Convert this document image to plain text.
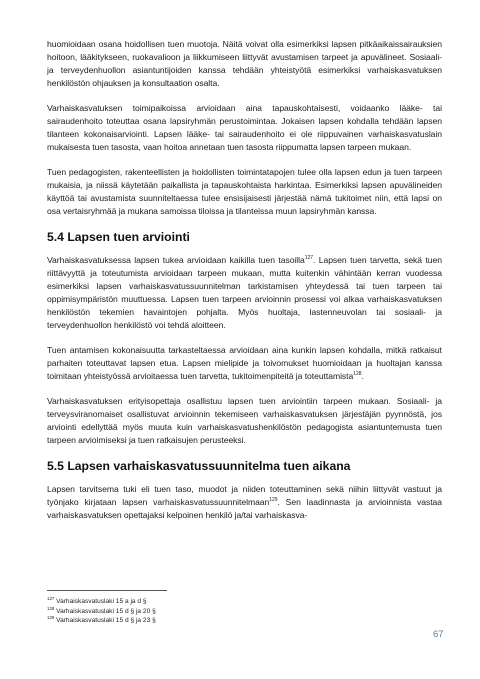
huomioidaan osana hoidollisen tuen muotoja. Näitä voivat olla esimerkiksi lapsen pitkäaikaissairauksien hoitoon, lääkitykseen, ruokavalioon ja liikkumiseen liittyvät avustamisen tarpeet ja apuvälineet. Sosiaali- ja terveydenhuollon asiantuntijoiden kanssa tehdään yhteistyötä esimerkiksi varhaiskasvatuksen henkilöstön ohjauksen ja konsultaation osalta.

Varhaiskasvatuksen toimipaikoissa arvioidaan aina tapauskohtaisesti, voidaanko lääke- tai sairaudenhoito toteuttaa osana lapsiryhmän perustoimintaa. Jokaisen lapsen kohdalla tehdään lapsen tilanteen kokonaisarviointi. Lapsen lääke- tai sairaudenhoito ei ole riippuvainen varhaiskasvatuslain mukaisesta tuen tasosta, vaan hoitoa annetaan tuen tasosta riippumatta lapsen tarpeen mukaan.

Tuen pedagogisten, rakenteellisten ja hoidollisten toimintatapojen tulee olla lapsen edun ja tuen tarpeen mukaisia, ja niissä käytetään paikallista ja tapauskohtaista harkintaa. Esimerkiksi lapsen apuvälineiden käyttöä tai avustamista suunniteltaessa tulee ensisijaisesti järjestää nämä tukitoimet niin, että lapsi on osa vertaisryhmää ja mukana samoissa tiloissa ja tilanteissa muun lapsiryhmän kanssa.

5.4 Lapsen tuen arviointi

Varhaiskasvatuksessa lapsen tukea arvioidaan kaikilla tuen tasoilla$^{127}$. Lapsen tuen tarvetta, sekä tuen riittävyyttä ja toteutumista arvioidaan tarpeen mukaan, mutta kuitenkin vähintään kerran vuodessa esimerkiksi lapsen varhaiskasvatussuunnitelman tarkistamisen yhteydessä tai tuen tarpeen tai oppimisympäristön muuttuessa. Lapsen tuen tarpeen arvioinnin prosessi voi alkaa varhaiskasvatuksen henkilöstön tekemien havaintojen pohjalta. Myös huoltaja, lastenneuvolan tai sosiaali- ja terveydenhuollon henkilöstö voi tehdä aloitteen.

Tuen antamisen kokonaisuutta tarkasteltaessa arvioidaan aina kunkin lapsen kohdalla, mitkä ratkaisut parhaiten toteuttavat lapsen etua. Lapsen mielipide ja toivomukset huomioidaan ja huoltajan kanssa toimitaan yhteistyössä arvioitaessa tuen tarvetta, tukitoimenpiteitä ja toteuttamista$^{128}$.

Varhaiskasvatuksen erityisopettaja osallistuu lapsen tuen arviointiin tarpeen mukaan. Sosiaali- ja terveysviranomaiset osallistuvat arvioinnin tekemiseen varhaiskasvatuksen järjestäjän pyynnöstä, jos arviointi edellyttää myös muuta kuin varhaiskasvatushenkilöstön pedagogista asiantuntemusta tuen tarpeen arvioimiseksi ja tuen ratkaisujen perusteeksi.

5.5 Lapsen varhaiskasvatussuunnitelma tuen aikana

Lapsen tarvitsema tuki eli tuen taso, muodot ja niiden toteuttaminen sekä niihin liittyvät vastuut ja työnjako kirjataan lapsen varhaiskasvatussuunnitelmaan$^{129}$. Sen laadinnasta ja arvioinnista vastaa varhaiskasvatuksen opettajaksi kelpoinen henkilö ja/tai varhaiskasva-

$^{127}$ Varhaiskasvatuslaki 15 a ja d §
$^{128}$ Varhaiskasvatuslaki 15 d § ja 20 §
$^{129}$ Varhaiskasvatuslaki 15 d § ja 23 §
67
